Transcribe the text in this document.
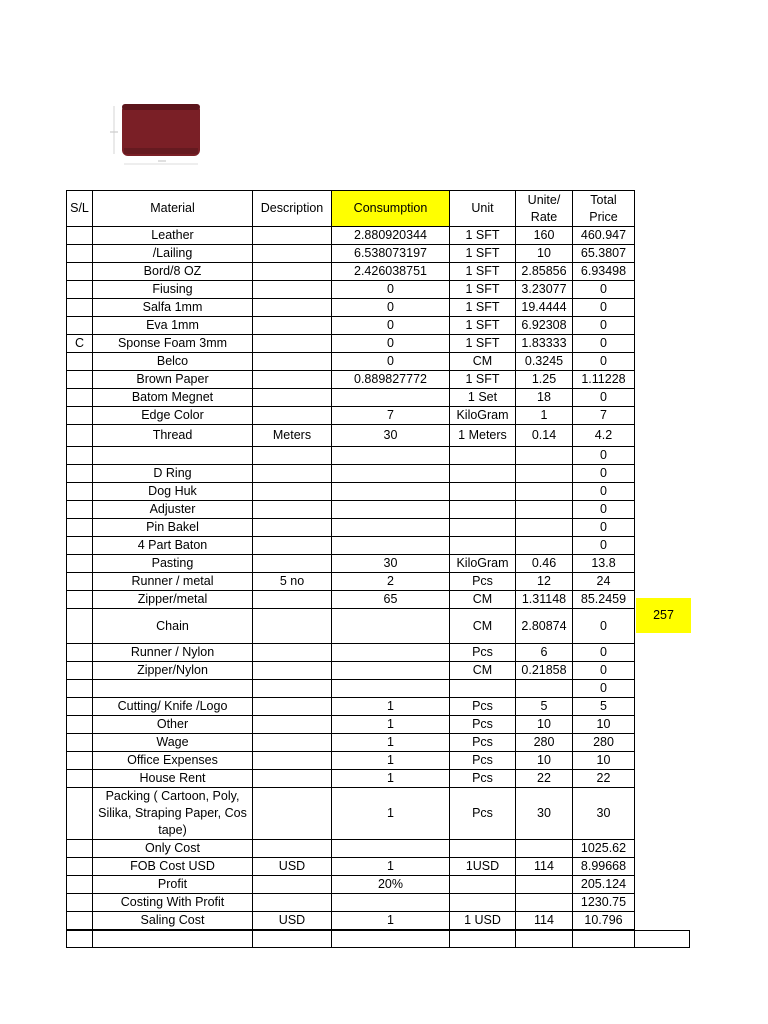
S/L	Material	Description	Consumption	Unit	Unite/ Rate	Total Price
	Leather		2.880920344	1 SFT	160	460.947
	/Lailing		6.538073197	1 SFT	10	65.3807
	Bord/8 OZ		2.426038751	1 SFT	2.85856	6.93498
	Fiusing		0	1 SFT	3.23077	0
	Salfa 1mm		0	1 SFT	19.4444	0
	Eva 1mm		0	1 SFT	6.92308	0
C	Sponse Foam 3mm		0	1 SFT	1.83333	0
	Belco		0	CM	0.3245	0
	Brown Paper		0.889827772	1 SFT	1.25	1.11228
	Batom Megnet			1 Set	18	0
	Edge Color		7	KiloGram	1	7
	Thread	Meters	30	1 Meters	0.14	4.2
						0
	D Ring					0
	Dog Huk					0
	Adjuster					0
	Pin Bakel					0
	4 Part Baton					0
	Pasting		30	KiloGram	0.46	13.8
	Runner / metal	5 no	2	Pcs	12	24
	Zipper/metal		65	CM	1.31148	85.2459
	Chain			CM	2.80874	0
	Runner / Nylon			Pcs	6	0
	Zipper/Nylon			CM	0.21858	0
						0
	Cutting/ Knife /Logo		1	Pcs	5	5
	Other		1	Pcs	10	10
	Wage		1	Pcs	280	280
	Office Expenses		1	Pcs	10	10
	House Rent		1	Pcs	22	22
	Packing ( Cartoon, Poly, Silika, Straping Paper, Cos tape)		1	Pcs	30	30
	Only Cost					1025.62
	FOB Cost USD	USD	1	1USD	114	8.99668
	Profit		20%			205.124
	Costing With Profit					1230.75
	Saling Cost	USD	1	1 USD	114	10.796
257
